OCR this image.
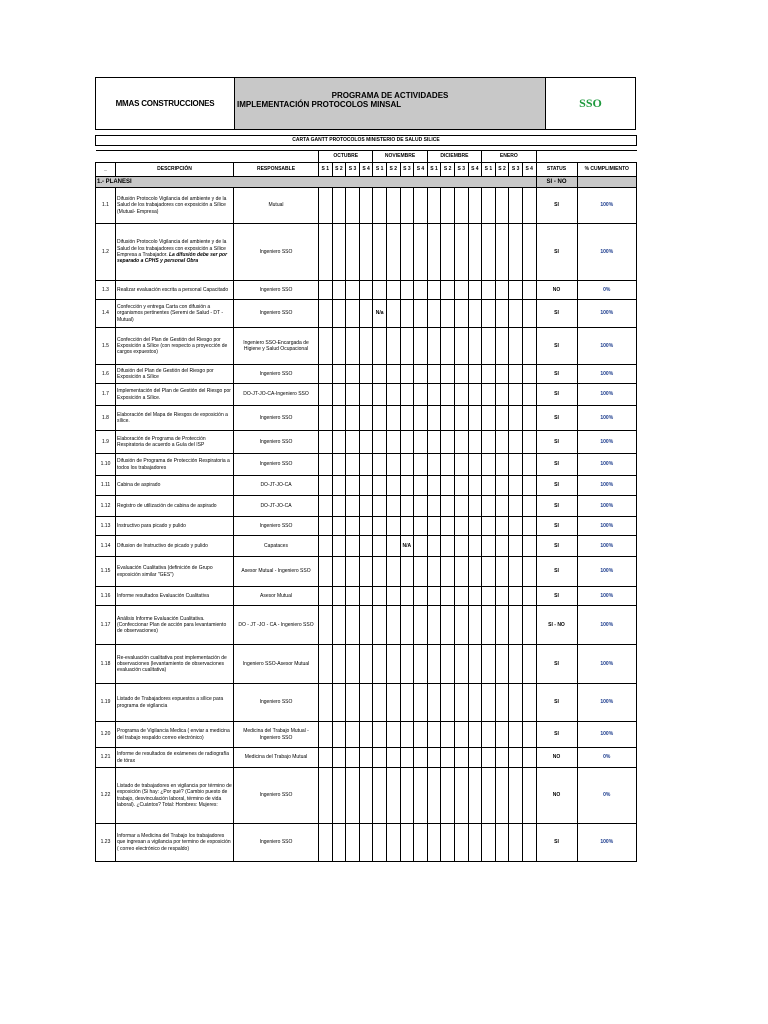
MMAS CONSTRUCCIONES
PROGRAMA DE ACTIVIDADES
IMPLEMENTACIÓN PROTOCOLOS MINSAL	SSO
CARTA GANTT PROTOCOLOS MINISTERIO DE SALUD SILICE																				

			OCTUBRE				NOVIEMBRE				DICIEMBRE				ENERO					
_	DESCRIPCIÓN	RESPONSABLE	S 1	S 2	S 3	S 4	S 1	S 2	S 3	S 4	S 1	S 2	S 3	S 4	S 1	S 2	S 3	S 4	STATUS	% CUMPLIMIENTO
1.- PLANESI																			SI - NO	
1.1	Difusión Protocolo Vigilancia del ambiente y de la Salud de los trabajadores con exposición a Sílice (Mutual- Empresa)	Mutual																	SI	100%
1.2	Difusión Protocolo Vigilancia del ambiente y de la Salud de los trabajadores con exposición a Sílice Empresa a Trabajador. La difusión debe ser por separado a CPHS y personal Obra	Ingeniero SSO																	SI	100%
1.3	Realizar evaluación escrita a personal Capacitado	Ingeniero SSO																	NO	0%
1.4	Confección y entrega Carta con difusión a organismos pertinentes (Seremi de Salud - DT - Mutual)	Ingeniero SSO					N/a												SI	100%
1.5	Confección del Plan de Gestión del Riesgo por Exposición a Sílice (con respecto a proyección de cargos expuestos)	Ingeniero SSO-Encargada de Higiene y Salud Ocupacional																	SI	100%
1.6	Difusión del Plan de Gestión del Riesgo por Exposición a Sílice	Ingeniero SSO																	SI	100%
1.7	Implementación del Plan de Gestión del Riesgo por Exposición a Sílice.	DO-JT-JO-CA-Ingeniero SSO																	SI	100%
1.8	Elaboración del Mapa de Riesgos de exposición a sílice.	Ingeniero SSO																	SI	100%
1.9	Elaboración de Programa de Protección Respiratoria de acuerdo a Guía del ISP	Ingeniero SSO																	SI	100%
1.10	Difusión de Programa de Protección Respiratoria a todos los trabajadores	Ingeniero SSO																	SI	100%
1.11	Cabina de aspirado	DO-JT-JO-CA																	SI	100%
1.12	Registro de utilización de cabina de aspirado	DO-JT-JO-CA																	SI	100%
1.13	Instructivo para picado y pulido	Ingeniero SSO																	SI	100%
1.14	Difusion de Instructivo de picado y pulido	Capataces							N/A										SI	100%
1.15	Evaluación Cualitativa (definición de Grupo exposición similar "GES")	Asesor Mutual - Ingeniero SSO																	SI	100%
1.16	Informe resultados Evaluación Cualitativa	Asesor Mutual																	SI	100%
1.17	Análisis Informe Evaluación Cualitativa. (Confeccionar Plan de acción para levantamiento de observaciones)	DO - JT -JO - CA - Ingeniero SSO																	SI - NO	100%
1.18	Re-evaluación cualitativa post implementación de observaciones (levantamiento de observaciones evaluación cualitativa)	Ingeniero SSO-Asesor Mutual																	SI	100%
1.19	Listado de Trabajadores expuestos a sílice para programa de vigilancia	Ingeniero SSO																	SI	100%
1.20	Programa de Vigilancia Medica ( enviar a medicina del trabajo respaldo correo electrónico)	Medicina del Trabajo Mutual - Ingeniero SSO																	SI	100%
1.21	Informe de resultados de exámenes de radiografía de tórax	Medicina del Trabajo Mutual																	NO	0%
1.22	Listado de trabajadores en vigilancia por término de exposición (Si hay: ¿Por qué? (Cambio puesto de trabajo, desvinculación laboral, término de vida laboral). ¿Cuántos? Total: Hombres: Mujeres:	Ingeniero SSO																	NO	0%
1.23	Informar a Medicina del Trabajo los trabajadores que ingresan a vigilancia por termino de exposición ( correo electrónico de respaldo)	Ingeniero SSO																	SI	100%
